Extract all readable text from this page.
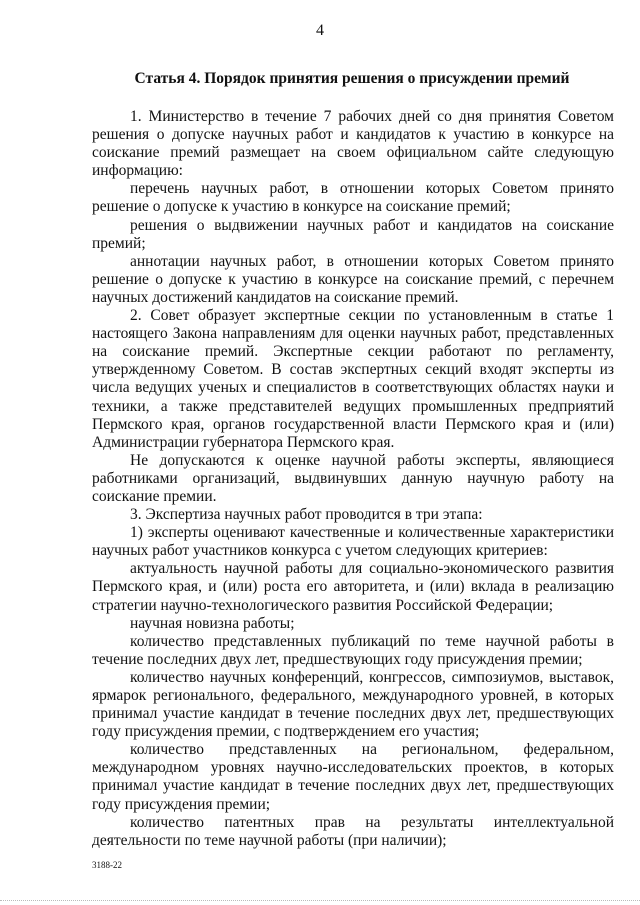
4
Статья 4. Порядок принятия решения о присуждении премий

1. Министерство в течение 7 рабочих дней со дня принятия Советом решения о допуске научных работ и кандидатов к участию в конкурсе на соискание премий размещает на своем официальном сайте следующую информацию:

перечень научных работ, в отношении которых Советом принято решение о допуске к участию в конкурсе на соискание премий;

решения о выдвижении научных работ и кандидатов на соискание премий;

аннотации научных работ, в отношении которых Советом принято решение о допуске к участию в конкурсе на соискание премий, с перечнем научных достижений кандидатов на соискание премий.

2. Совет образует экспертные секции по установленным в статье 1 настоящего Закона направлениям для оценки научных работ, представленных на соискание премий. Экспертные секции работают по регламенту, утвержденному Советом. В состав экспертных секций входят эксперты из числа ведущих ученых и специалистов в соответствующих областях науки и техники, а также представителей ведущих промышленных предприятий Пермского края, органов государственной власти Пермского края и (или) Администрации губернатора Пермского края.

Не допускаются к оценке научной работы эксперты, являющиеся работниками организаций, выдвинувших данную научную работу на соискание премии.

3. Экспертиза научных работ проводится в три этапа:

1) эксперты оценивают качественные и количественные характеристики научных работ участников конкурса с учетом следующих критериев:

актуальность научной работы для социально-экономического развития Пермского края, и (или) роста его авторитета, и (или) вклада в реализацию стратегии научно-технологического развития Российской Федерации;

научная новизна работы;

количество представленных публикаций по теме научной работы в течение последних двух лет, предшествующих году присуждения премии;

количество научных конференций, конгрессов, симпозиумов, выставок, ярмарок регионального, федерального, международного уровней, в которых принимал участие кандидат в течение последних двух лет, предшествующих году присуждения премии, с подтверждением его участия;

количество представленных на региональном, федеральном, международном уровнях научно-исследовательских проектов, в которых принимал участие кандидат в течение последних двух лет, предшествующих году присуждения премии;

количество патентных прав на результаты интеллектуальной деятельности по теме научной работы (при наличии);

3188-22
